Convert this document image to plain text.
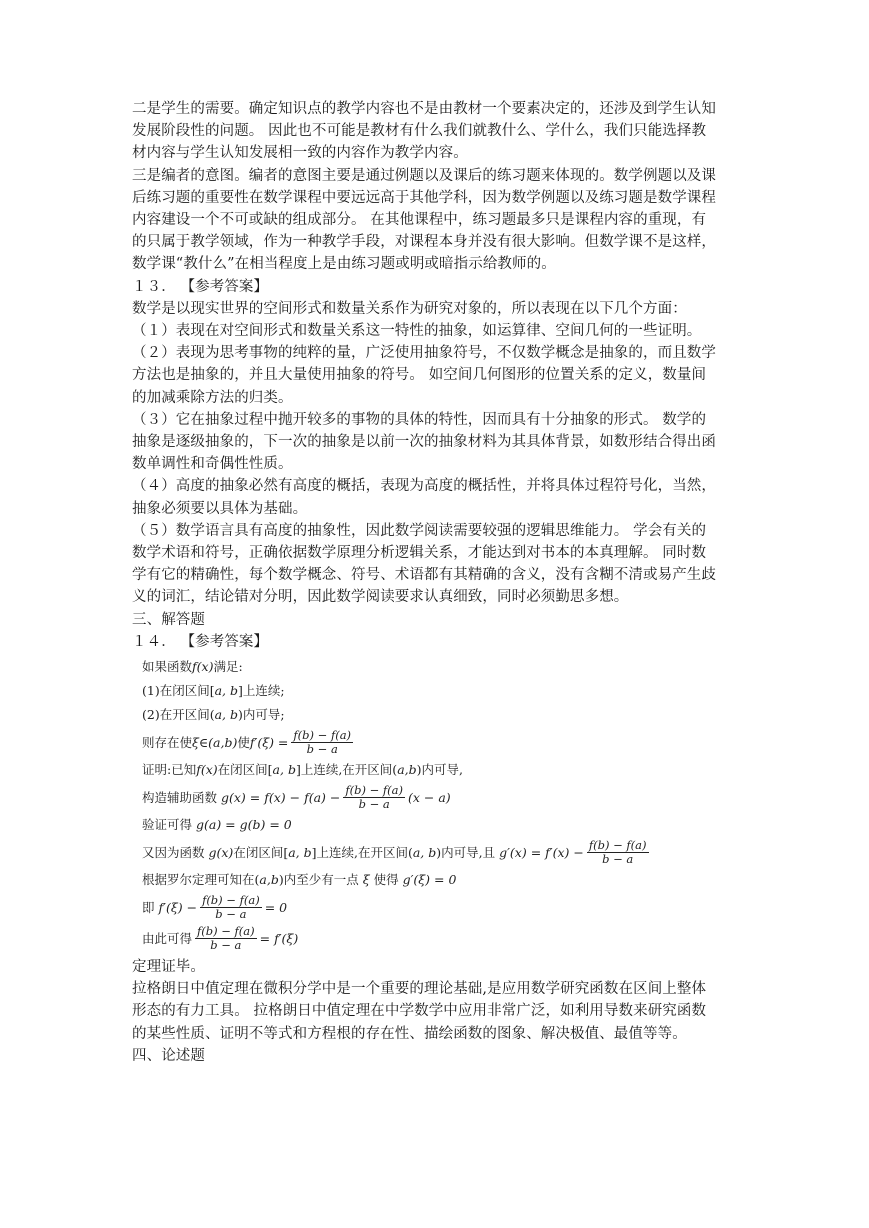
二是学生的需要。确定知识点的教学内容也不是由教材一个要素决定的，还涉及到学生认知
发展阶段性的问题。 因此也不可能是教材有什么我们就教什么、学什么，我们只能选择教
材内容与学生认知发展相一致的内容作为教学内容。
三是编者的意图。编者的意图主要是通过例题以及课后的练习题来体现的。数学例题以及课
后练习题的重要性在数学课程中要远远高于其他学科，因为数学例题以及练习题是数学课程
内容建设一个不可或缺的组成部分。 在其他课程中，练习题最多只是课程内容的重现，有
的只属于教学领域，作为一种教学手段，对课程本身并没有很大影响。但数学课不是这样，
数学课“教什么”在相当程度上是由练习题或明或暗指示给教师的。
１３． 【参考答案】
数学是以现实世界的空间形式和数量关系作为研究对象的，所以表现在以下几个方面：
（１）表现在对空间形式和数量关系这一特性的抽象，如运算律、空间几何的一些证明。
（２）表现为思考事物的纯粹的量，广泛使用抽象符号，不仅数学概念是抽象的，而且数学
方法也是抽象的，并且大量使用抽象的符号。 如空间几何图形的位置关系的定义，数量间
的加减乘除方法的归类。
（３）它在抽象过程中抛开较多的事物的具体的特性，因而具有十分抽象的形式。 数学的
抽象是逐级抽象的，下一次的抽象是以前一次的抽象材料为其具体背景，如数形结合得出函
数单调性和奇偶性性质。
（４）高度的抽象必然有高度的概括，表现为高度的概括性，并将具体过程符号化，当然，
抽象必须要以具体为基础。
（５）数学语言具有高度的抽象性，因此数学阅读需要较强的逻辑思维能力。 学会有关的
数学术语和符号，正确依据数学原理分析逻辑关系，才能达到对书本的本真理解。 同时数
学有它的精确性，每个数学概念、符号、术语都有其精确的含义，没有含糊不清或易产生歧
义的词汇，结论错对分明，因此数学阅读要求认真细致，同时必须勤思多想。
三、解答题
１４． 【参考答案】
如果函数 f(x) 满足:
(1)在闭区间[ a, b ]上连续;
(2)在开区间( a, b )内可导;
则存在使 ξ∈(a,b) 使 $f'(\xi) = \frac{f(b) - f(a)}{b - a}$
证明:已知 f(x) 在闭区间[ a, b ]上连续,在开区间( a,b )内可导,
构造辅助函数
$g(x) = f(x) - f(a) - \frac{f(b) - f(a)}{b - a} (x - a)$
验证可得
g(a) = g(b) = 0
又因为函数
g(x) 在闭区间[ a, b ]上连续,在开区间( a, b )内可导,且
$g'(x) = f'(x) - \frac{f(b) - f(a)}{b - a}$
根据罗尔定理可知在( a,b )内至少有一点
ξ
使得
g′(ξ) = 0
即
$f'(\xi) - \frac{f(b) - f(a)}{b - a} = 0$
由此可得 $\frac{f(b) - f(a)}{b - a} = f'(\xi)$
定理证毕。
拉格朗日中值定理在微积分学中是一个重要的理论基础,是应用数学研究函数在区间上整体
形态的有力工具。 拉格朗日中值定理在中学数学中应用非常广泛，如利用导数来研究函数
的某些性质、证明不等式和方程根的存在性、描绘函数的图象、解决极值、最值等等。
四、论述题
